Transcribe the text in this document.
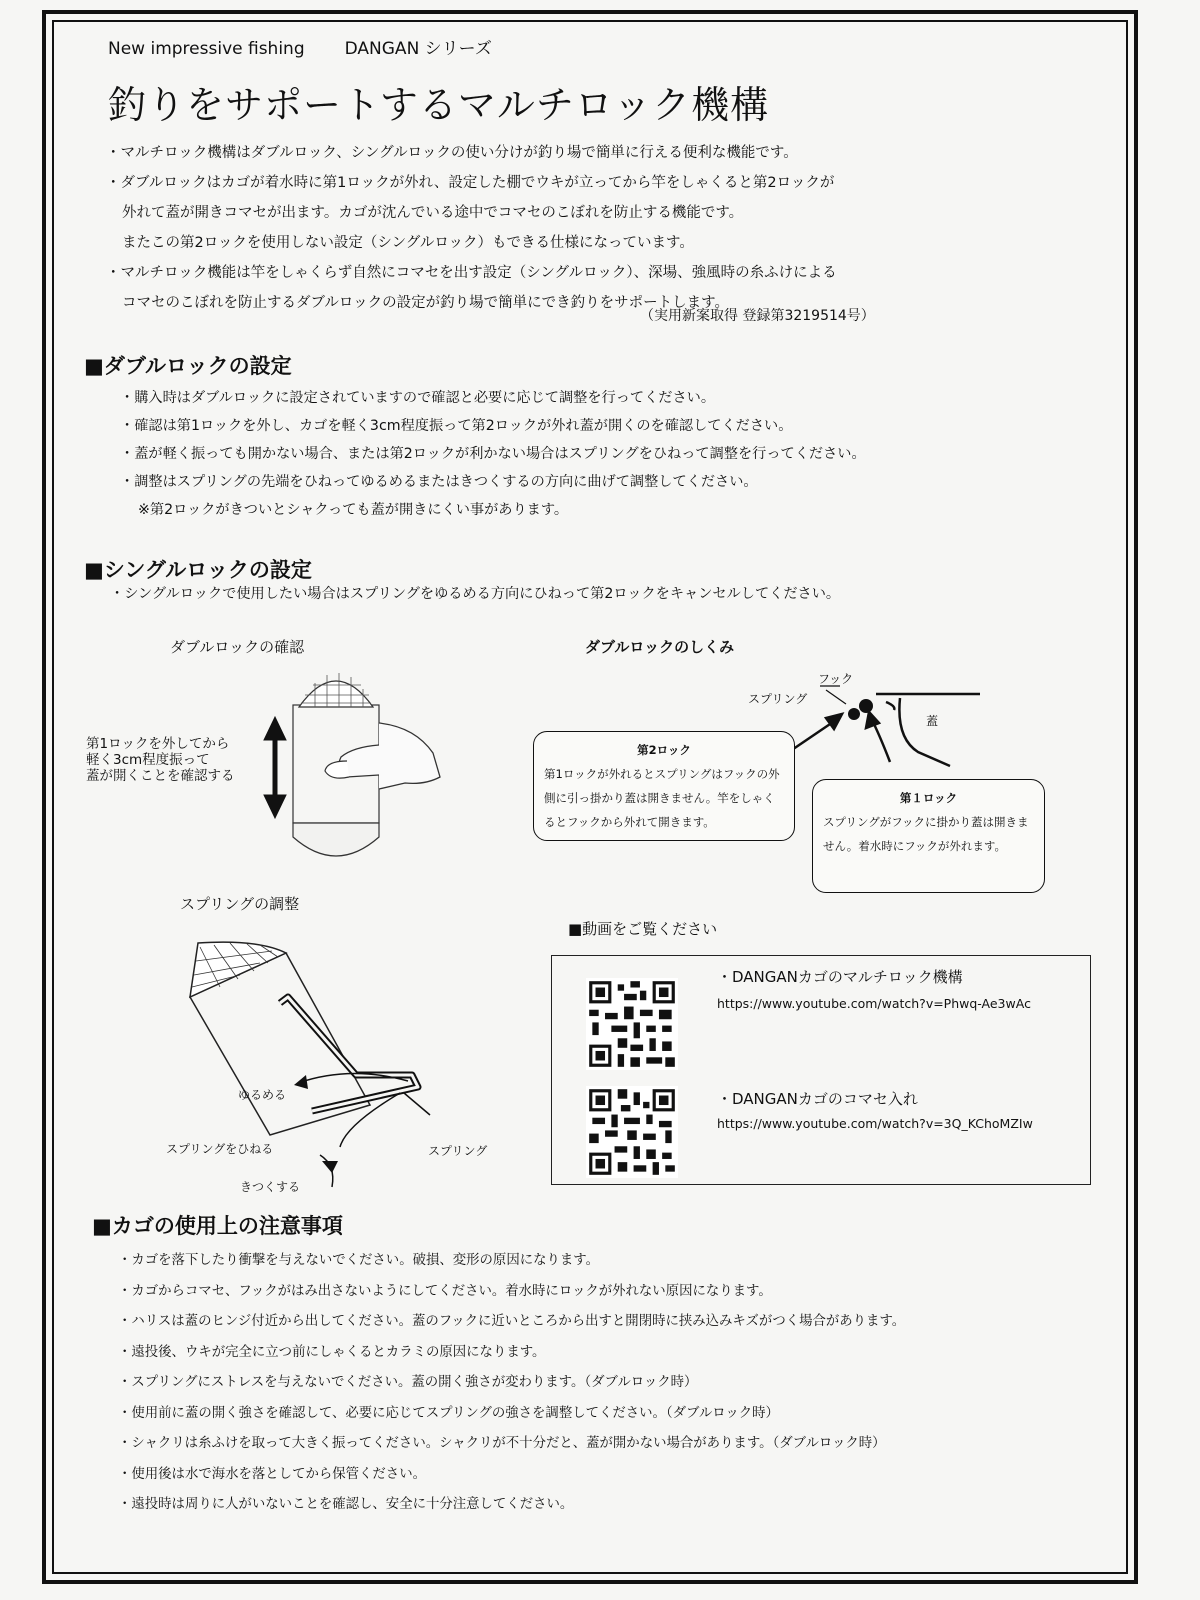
New impressive fishing DANGAN シリーズ
釣りをサポートするマルチロック機構

・マルチロック機構はダブルロック、シングルロックの使い分けが釣り場で簡単に行える便利な機能です。

・ダブルロックはカゴが着水時に第1ロックが外れ、設定した棚でウキが立ってから竿をしゃくると第2ロックが

外れて蓋が開きコマセが出ます。カゴが沈んでいる途中でコマセのこぼれを防止する機能です。

またこの第2ロックを使用しない設定（シングルロック）もできる仕様になっています。

・マルチロック機能は竿をしゃくらず自然にコマセを出す設定（シングルロック）、深場、強風時の糸ふけによる

コマセのこぼれを防止するダブルロックの設定が釣り場で簡単にでき釣りをサポートします。

（実用新案取得 登録第3219514号）
■ダブルロックの設定
・購入時はダブルロックに設定されていますので確認と必要に応じて調整を行ってください。
・確認は第1ロックを外し、カゴを軽く3cm程度振って第2ロックが外れ蓋が開くのを確認してください。
・蓋が軽く振っても開かない場合、または第2ロックが利かない場合はスプリングをひねって調整を行ってください。
・調整はスプリングの先端をひねってゆるめるまたはきつくするの方向に曲げて調整してください。
※第2ロックがきついとシャクっても蓋が開きにくい事があります。
■シングルロックの設定
・シングルロックで使用したい場合はスプリングをゆるめる方向にひねって第2ロックをキャンセルしてください。
ダブルロックの確認
第1ロックを外してから
軽く3cm程度振って
蓋が開くことを確認する
ダブルロックのしくみ
フック
スプリング
蓋
第2ロック
第1ロックが外れるとスプリングはフックの外側に引っ掛かり蓋は開きません。竿をしゃくるとフックから外れて開きます。
第１ロック
スプリングがフックに掛かり蓋は開きません。着水時にフックが外れます。
スプリングの調整
ゆるめる
スプリングをひねる	スプリング
きつくする
■動画をご覧ください
・DANGANカゴのマルチロック機構
https://www.youtube.com/watch?v=Phwq-Ae3wAc
・DANGANカゴのコマセ入れ
https://www.youtube.com/watch?v=3Q_KChoMZIw
■カゴの使用上の注意事項
・カゴを落下したり衝撃を与えないでください。破損、変形の原因になります。
・カゴからコマセ、フックがはみ出さないようにしてください。着水時にロックが外れない原因になります。
・ハリスは蓋のヒンジ付近から出してください。蓋のフックに近いところから出すと開閉時に挟み込みキズがつく場合があります。
・遠投後、ウキが完全に立つ前にしゃくるとカラミの原因になります。
・スプリングにストレスを与えないでください。蓋の開く強さが変わります。（ダブルロック時）
・使用前に蓋の開く強さを確認して、必要に応じてスプリングの強さを調整してください。（ダブルロック時）
・シャクリは糸ふけを取って大きく振ってください。シャクリが不十分だと、蓋が開かない場合があります。（ダブルロック時）
・使用後は水で海水を落としてから保管ください。
・遠投時は周りに人がいないことを確認し、安全に十分注意してください。
